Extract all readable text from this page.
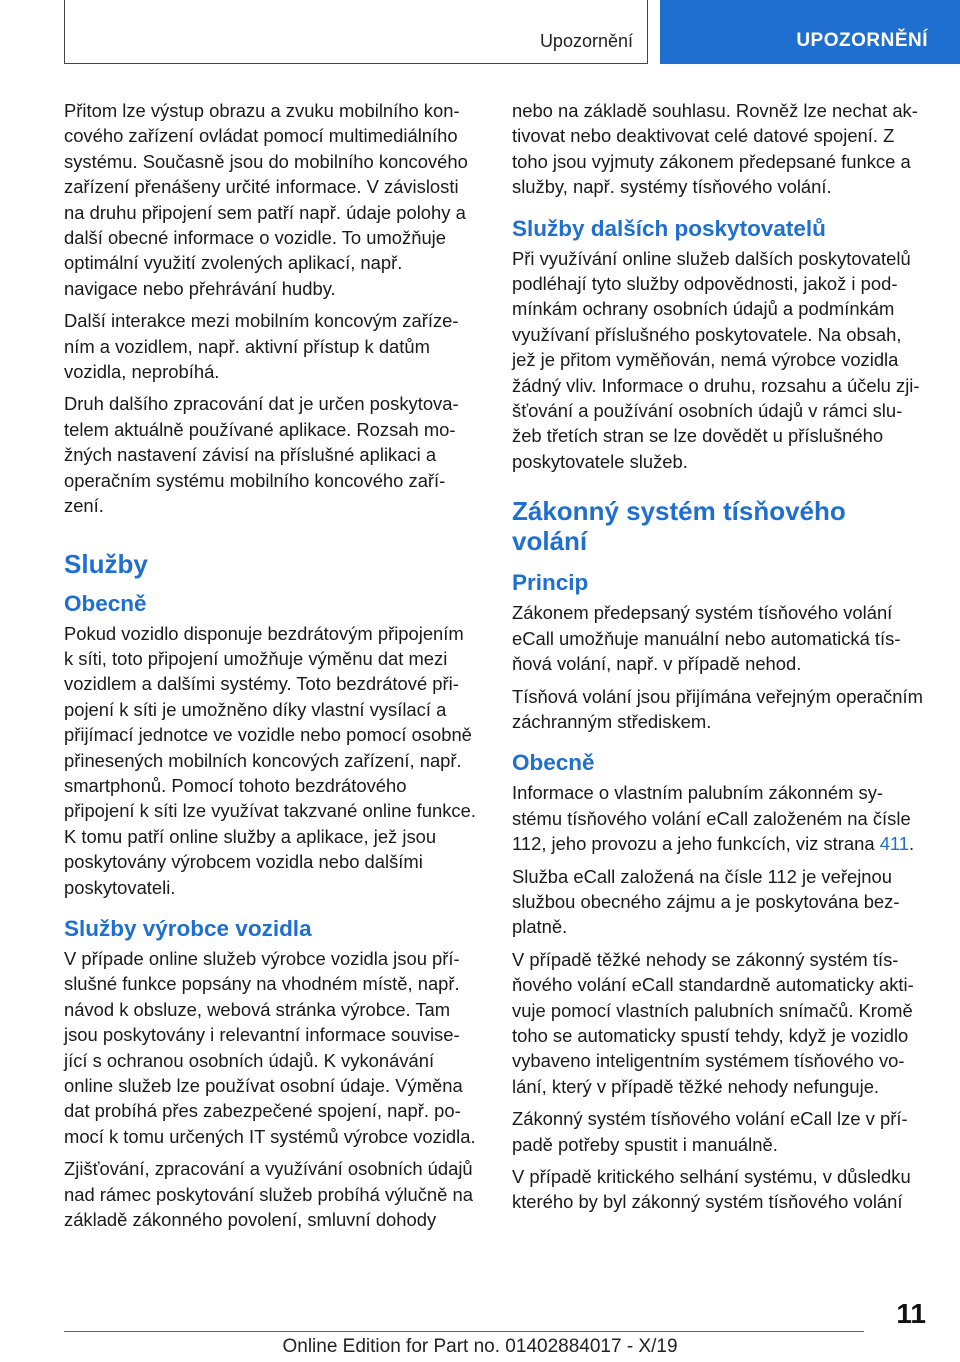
Upozornění	UPOZORNĚNÍ

Přitom lze výstup obrazu a zvuku mobilního koncového zařízení ovládat pomocí multimediálního systému. Současně jsou do mobilního koncového zařízení přenášeny určité informace. V závislosti na druhu připojení sem patří např. údaje polohy a další obecné informace o vozidle. To umožňuje optimální využití zvolených aplikací, např. navigace nebo přehrávání hudby.

Další interakce mezi mobilním koncovým zařízením a vozidlem, např. aktivní přístup k datům vozidla, neprobíhá.

Druh dalšího zpracování dat je určen poskytovatelem aktuálně používané aplikace. Rozsah možných nastavení závisí na příslušné aplikaci a operačním systému mobilního koncového zařízení.

Služby
Obecně

Pokud vozidlo disponuje bezdrátovým připojením k síti, toto připojení umožňuje výměnu dat mezi vozidlem a dalšími systémy. Toto bezdrátové připojení k síti je umožněno díky vlastní vysílací a přijímací jednotce ve vozidle nebo pomocí osobně přinesených mobilních koncových zařízení, např. smartphonů. Pomocí tohoto bezdrátového připojení k síti lze využívat takzvané online funkce. K tomu patří online služby a aplikace, jež jsou poskytovány výrobcem vozidla nebo dalšími poskytovateli.

Služby výrobce vozidla

V případe online služeb výrobce vozidla jsou příslušné funkce popsány na vhodném místě, např. návod k obsluze, webová stránka výrobce. Tam jsou poskytovány i relevantní informace související s ochranou osobních údajů. K vykonávání online služeb lze používat osobní údaje. Výměna dat probíhá přes zabezpečené spojení, např. pomocí k tomu určených IT systémů výrobce vozidla.

Zjišťování, zpracování a využívání osobních údajů nad rámec poskytování služeb probíhá výlučně na základě zákonného povolení, smluvní dohody

nebo na základě souhlasu. Rovněž lze nechat aktivovat nebo deaktivovat celé datové spojení. Z toho jsou vyjmuty zákonem předepsané funkce a služby, např. systémy tísňového volání.

Služby dalších poskytovatelů

Při využívání online služeb dalších poskytovatelů podléhají tyto služby odpovědnosti, jakož i podmínkám ochrany osobních údajů a podmínkám využívaní příslušného poskytovatele. Na obsah, jež je přitom vyměňován, nemá výrobce vozidla žádný vliv. Informace o druhu, rozsahu a účelu zjišťování a používání osobních údajů v rámci služeb třetích stran se lze dovědět u příslušného poskytovatele služeb.

Zákonný systém tísňového volání
Princip

Zákonem předepsaný systém tísňového volání eCall umožňuje manuální nebo automatická tísňová volání, např. v případě nehod.

Tísňová volání jsou přijímána veřejným operačním záchranným střediskem.

Obecně

Informace o vlastním palubním zákonném systému tísňového volání eCall založeném na čísle 112, jeho provozu a jeho funkcích, viz strana 411.

Služba eCall založená na čísle 112 je veřejnou službou obecného zájmu a je poskytována bezplatně.

V případě těžké nehody se zákonný systém tísňového volání eCall standardně automaticky aktivuje pomocí vlastních palubních snímačů. Kromě toho se automaticky spustí tehdy, když je vozidlo vybaveno inteligentním systémem tísňového volání, který v případě těžké nehody nefunguje.

Zákonný systém tísňového volání eCall lze v případě potřeby spustit i manuálně.

V případě kritického selhání systému, v důsledku kterého by byl zákonný systém tísňového volání

11
Online Edition for Part no. 01402884017 - X/19
